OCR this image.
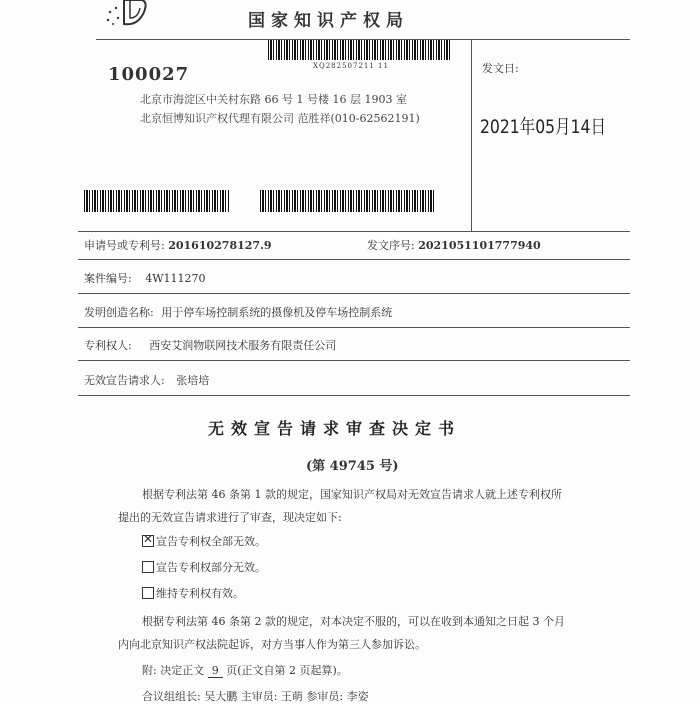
国家知识产权局
XQ282507211 11
100027
北京市海淀区中关村东路 66 号 1 号楼 16 层 1903 室
北京恒博知识产权代理有限公司 范胜祥(010-62562191)
发文日:
2021年05月14日
申请号或专利号: 201610278127.9	发文序号: 2021051101777940
案件编号: 4W111270
发明创造名称: 用于停车场控制系统的摄像机及停车场控制系统
专利权人: 西安艾润物联网技术服务有限责任公司
无效宣告请求人: 张培培
无效宣告请求审查决定书
(第 49745 号)
根据专利法第 46 条第 1 款的规定，国家知识产权局对无效宣告请求人就上述专利权所
提出的无效宣告请求进行了审查，现决定如下:
✕ 宣告专利权全部无效。
宣告专利权部分无效。
维持专利权有效。
根据专利法第 46 条第 2 款的规定，对本决定不服的，可以在收到本通知之日起 3 个月
内向北京知识产权法院起诉，对方当事人作为第三人参加诉讼。
附: 决定正文 9 页(正文自第 2 页起算)。
合议组组长: 吴大鹏 主审员: 王萌 参审员: 李姿
